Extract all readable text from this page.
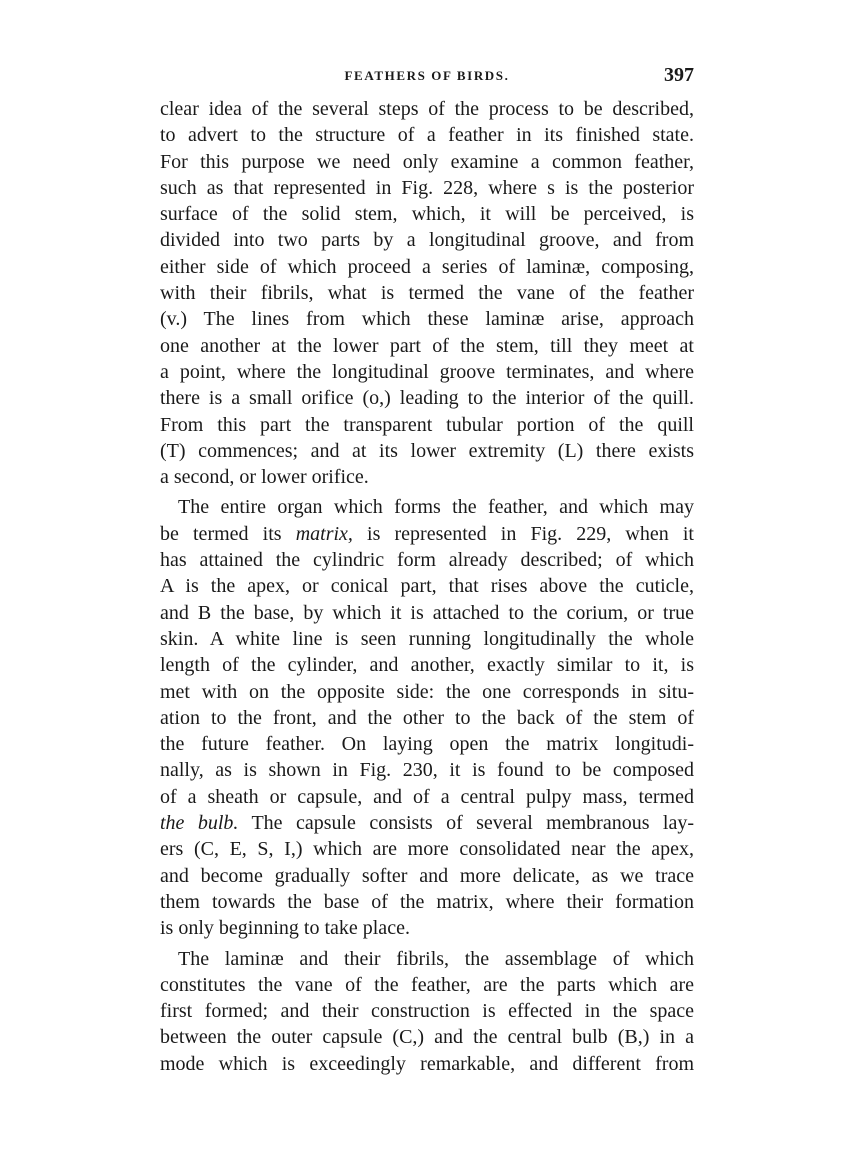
FEATHERS OF BIRDS.	397
clear idea of the several steps of the process to be described,
to advert to the structure of a feather in its finished state.
For this purpose we need only examine a common feather,
such as that represented in Fig. 228, where s is the posterior
surface of the solid stem, which, it will be perceived, is
divided into two parts by a longitudinal groove, and from
either side of which proceed a series of laminæ, composing,
with their fibrils, what is termed the vane of the feather
(v.) The lines from which these laminæ arise, approach
one another at the lower part of the stem, till they meet at
a point, where the longitudinal groove terminates, and where
there is a small orifice (o,) leading to the interior of the quill.
From this part the transparent tubular portion of the quill
(T) commences; and at its lower extremity (L) there exists
a second, or lower orifice.
The entire organ which forms the feather, and which may
be termed its matrix, is represented in Fig. 229, when it
has attained the cylindric form already described; of which
A is the apex, or conical part, that rises above the cuticle,
and B the base, by which it is attached to the corium, or true
skin. A white line is seen running longitudinally the whole
length of the cylinder, and another, exactly similar to it, is
met with on the opposite side: the one corresponds in situ-
ation to the front, and the other to the back of the stem of
the future feather. On laying open the matrix longitudi-
nally, as is shown in Fig. 230, it is found to be composed
of a sheath or capsule, and of a central pulpy mass, termed
the bulb. The capsule consists of several membranous lay-
ers (C, E, S, I,) which are more consolidated near the apex,
and become gradually softer and more delicate, as we trace
them towards the base of the matrix, where their formation
is only beginning to take place.
The laminæ and their fibrils, the assemblage of which
constitutes the vane of the feather, are the parts which are
first formed; and their construction is effected in the space
between the outer capsule (C,) and the central bulb (B,) in a
mode which is exceedingly remarkable, and different from
